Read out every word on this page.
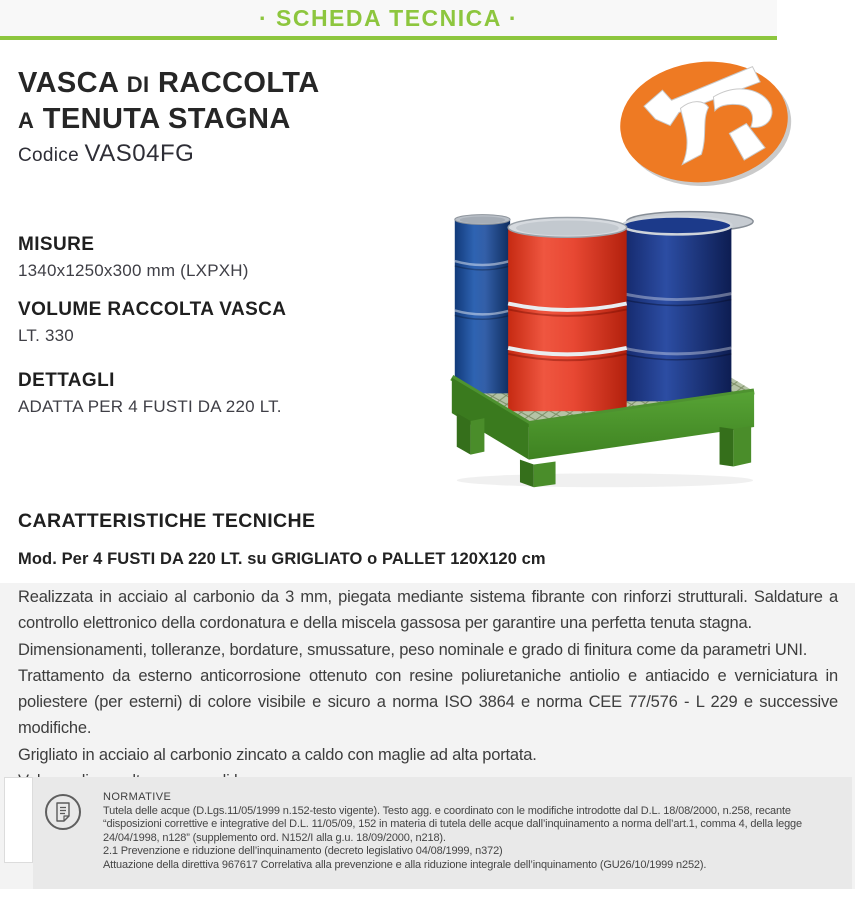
· SCHEDA TECNICA ·
VASCA DI RACCOLTA
A TENUTA STAGNA
Codice VAS04FG
MISURE
1340x1250x300 mm (LXPXH)
VOLUME RACCOLTA VASCA
LT. 330
DETTAGLI
ADATTA PER 4 FUSTI DA 220 LT.
CARATTERISTICHE TECNICHE
Mod. Per 4 FUSTI DA 220 LT. su GRIGLIATO o PALLET 120X120 cm

Realizzata in acciaio al carbonio da 3 mm, piegata mediante sistema fibrante con rinforzi strutturali. Saldature a controllo elettronico della cordonatura e della miscela gassosa per garantire una perfetta tenuta stagna.

Dimensionamenti, tolleranze, bordature, smussature, peso nominale e grado di finitura come da parametri UNI.

Trattamento da esterno anticorrosione ottenuto con resine poliuretaniche antiolio e antiacido e verniciatura in poliestere (per esterni) di colore visibile e sicuro a norma ISO 3864 e norma CEE 77/576 - L 229 e successive modifiche.

Grigliato in acciaio al carbonio zincato a caldo con maglie ad alta portata.

NORMATIVE
Tutela delle acque (D.Lgs.11/05/1999 n.152-testo vigente). Testo agg. e coordinato con le modifiche introdotte dal D.L. 18/08/2000, n.258, recante “disposizioni correttive e integrative del D.L. 11/05/09, 152 in materia di tutela delle acque dall’inquinamento a norma dell’art.1, comma 4, della legge 24/04/1998, n128” (supplemento ord. N152/I alla g.u. 18/09/2000, n218).
2.1 Prevenzione e riduzione dell’inquinamento (decreto legislativo 04/08/1999, n372)
Attuazione della direttiva 967617 Correlativa alla prevenzione e alla riduzione integrale dell’inquinamento (GU26/10/1999 n252).
